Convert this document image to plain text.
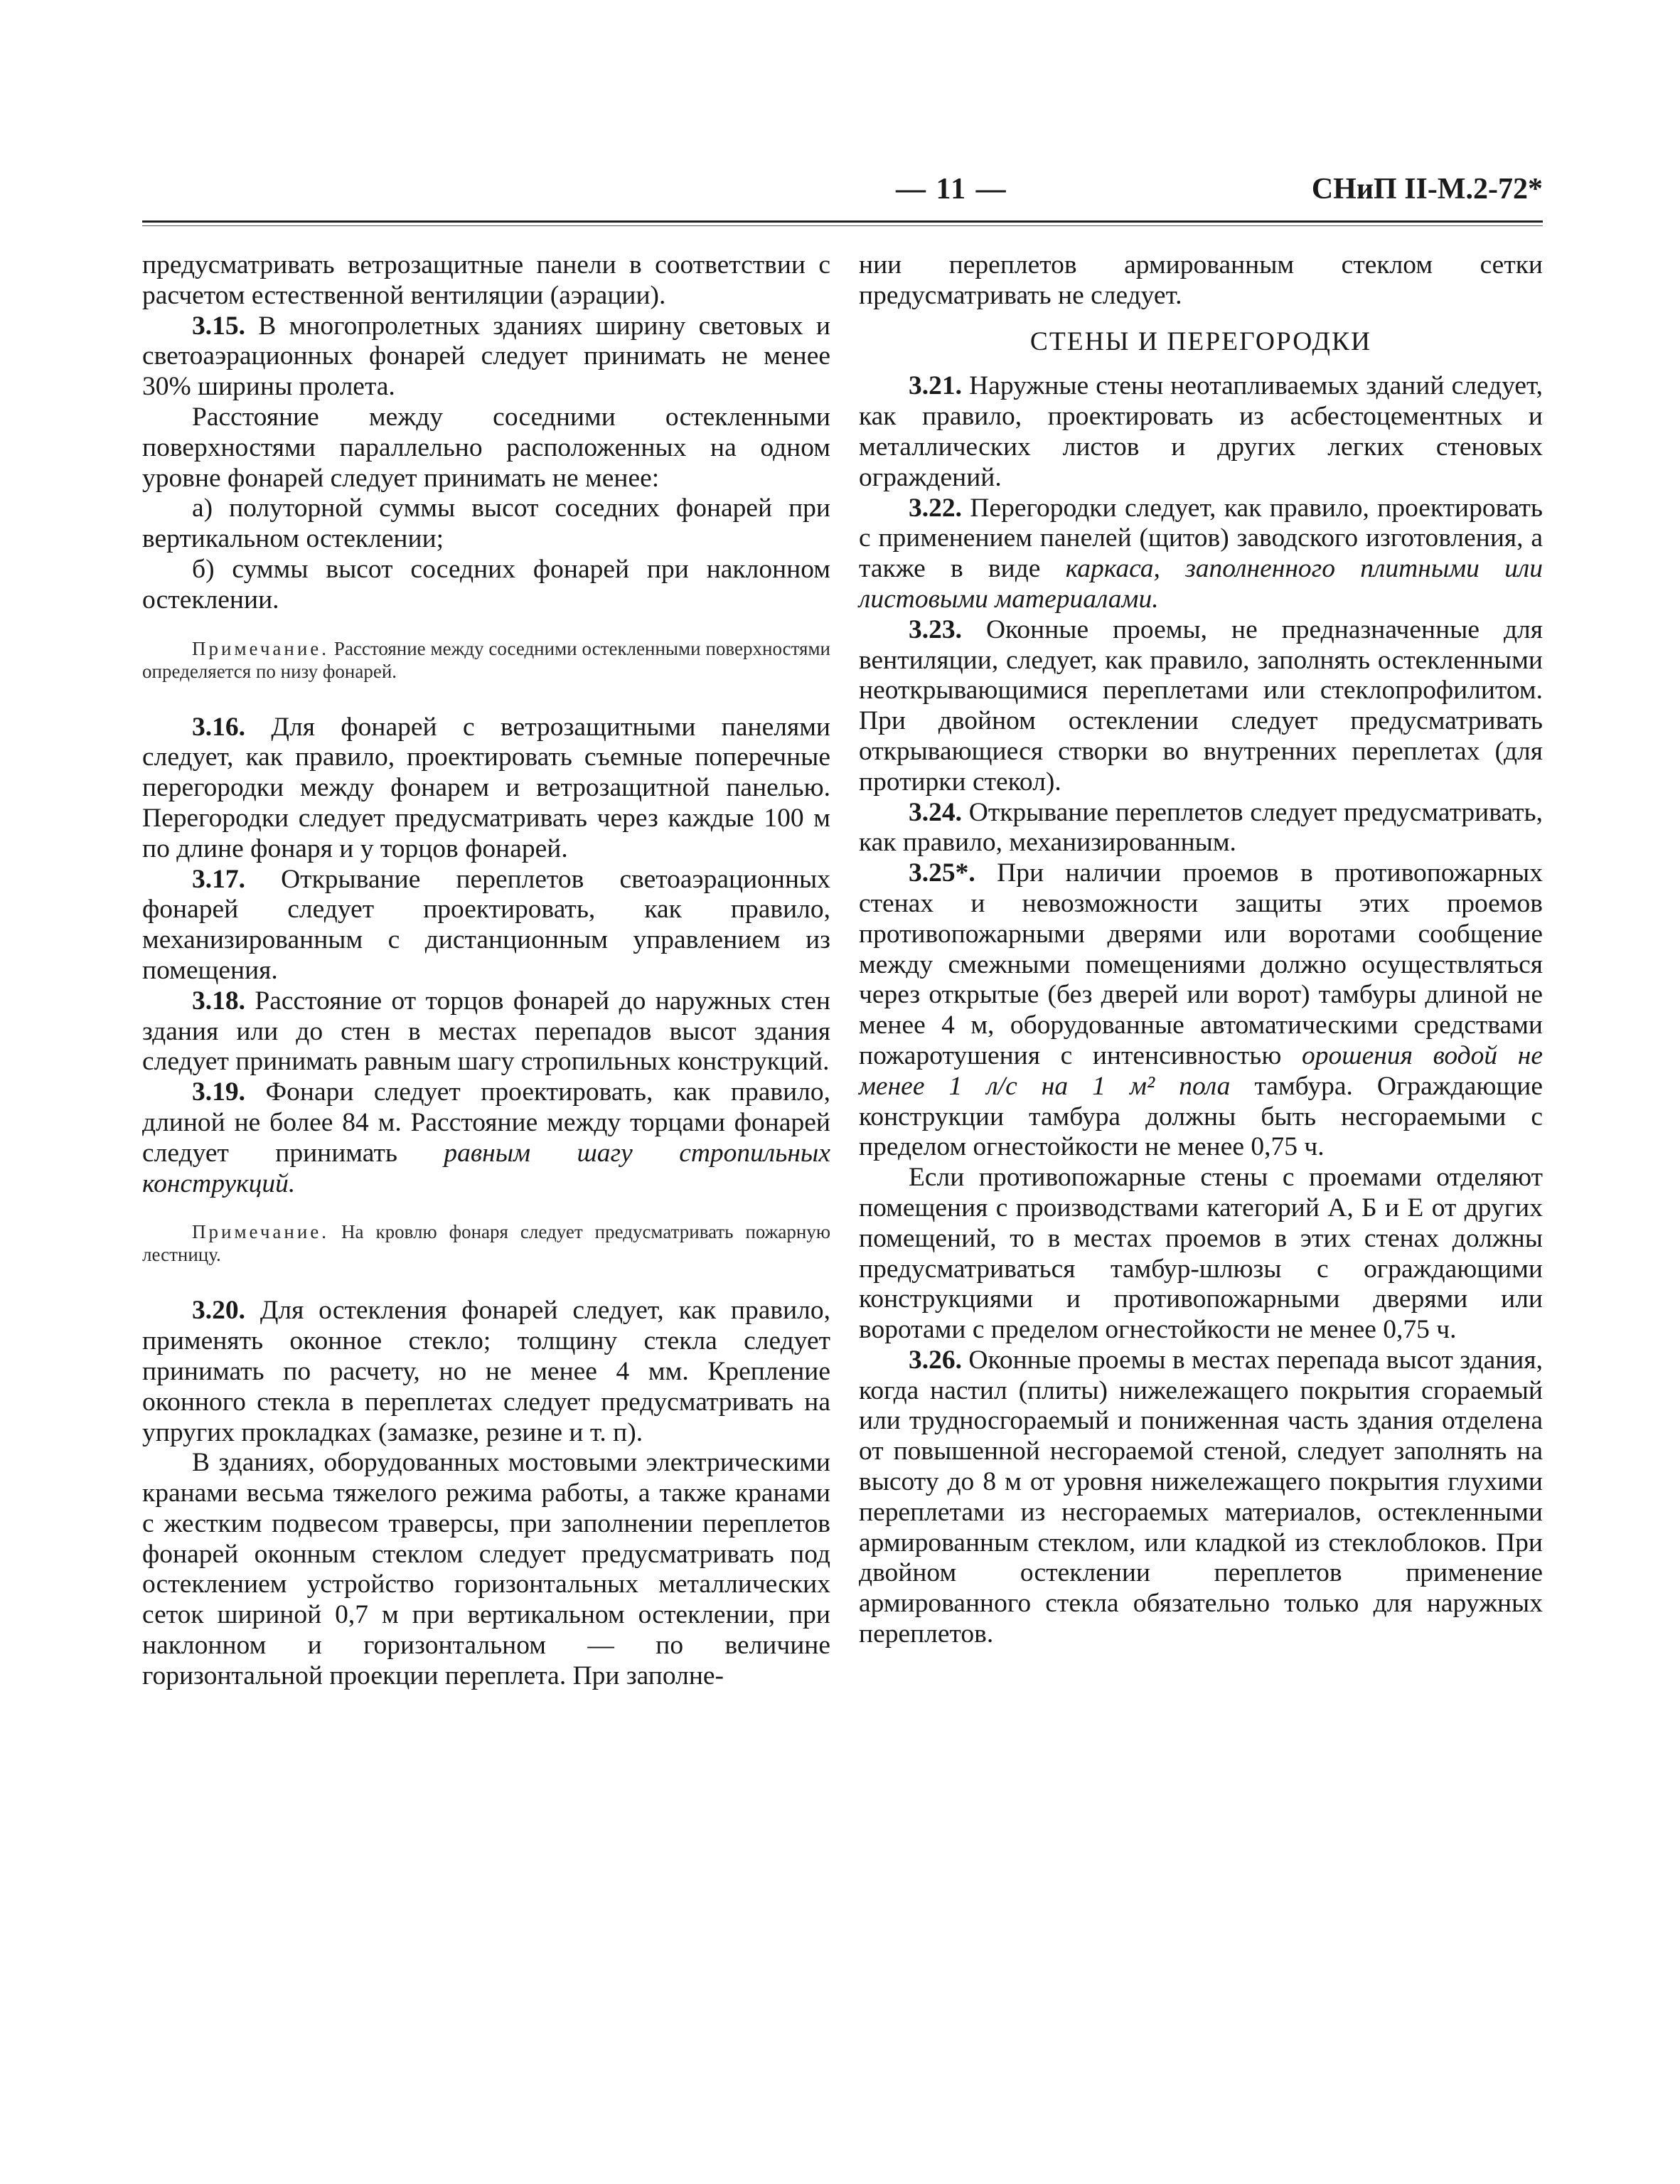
— 11 —	СНиП II-М.2-72*

предусматривать ветрозащитные панели в соответствии с расчетом естественной вентиляции (аэрации).

3.15. В многопролетных зданиях ширину световых и светоаэрационных фонарей следует принимать не менее 30% ширины пролета.

Расстояние между соседними остекленными поверхностями параллельно расположенных на одном уровне фонарей следует принимать не менее:

а) полуторной суммы высот соседних фонарей при вертикальном остеклении;

б) суммы высот соседних фонарей при наклонном остеклении.

Примечание. Расстояние между соседними остекленными поверхностями определяется по низу фонарей.

3.16. Для фонарей с ветрозащитными панелями следует, как правило, проектировать съемные поперечные перегородки между фонарем и ветрозащитной панелью. Перегородки следует предусматривать через каждые 100 м по длине фонаря и у торцов фонарей.

3.17. Открывание переплетов светоаэрационных фонарей следует проектировать, как правило, механизированным с дистанционным управлением из помещения.

3.18. Расстояние от торцов фонарей до наружных стен здания или до стен в местах перепадов высот здания следует принимать равным шагу стропильных конструкций.

3.19. Фонари следует проектировать, как правило, длиной не более 84 м. Расстояние между торцами фонарей следует принимать равным шагу стропильных конструкций.

Примечание. На кровлю фонаря следует предусматривать пожарную лестницу.

3.20. Для остекления фонарей следует, как правило, применять оконное стекло; толщину стекла следует принимать по расчету, но не менее 4 мм. Крепление оконного стекла в переплетах следует предусматривать на упругих прокладках (замазке, резине и т. п).

В зданиях, оборудованных мостовыми электрическими кранами весьма тяжелого режима работы, а также кранами с жестким подвесом траверсы, при заполнении переплетов фонарей оконным стеклом следует предусматривать под остеклением устройство горизонтальных металлических сеток шириной 0,7 м при вертикальном остеклении, при наклонном и горизонтальном — по величине горизонтальной проекции переплета. При заполне-

нии переплетов армированным стеклом сетки предусматривать не следует.

СТЕНЫ И ПЕРЕГОРОДКИ

3.21. Наружные стены неотапливаемых зданий следует, как правило, проектировать из асбестоцементных и металлических листов и других легких стеновых ограждений.

3.22. Перегородки следует, как правило, проектировать с применением панелей (щитов) заводского изготовления, а также в виде каркаса, заполненного плитными или листовыми материалами.

3.23. Оконные проемы, не предназначенные для вентиляции, следует, как правило, заполнять остекленными неоткрывающимися переплетами или стеклопрофилитом. При двойном остеклении следует предусматривать открывающиеся створки во внутренних переплетах (для протирки стекол).

3.24. Открывание переплетов следует предусматривать, как правило, механизированным.

3.25*. При наличии проемов в противопожарных стенах и невозможности защиты этих проемов противопожарными дверями или воротами сообщение между смежными помещениями должно осуществляться через открытые (без дверей или ворот) тамбуры длиной не менее 4 м, оборудованные автоматическими средствами пожаротушения с интенсивностью орошения водой не менее 1 л/с на 1 м² пола тамбура. Ограждающие конструкции тамбура должны быть несгораемыми с пределом огнестойкости не менее 0,75 ч.

Если противопожарные стены с проемами отделяют помещения с производствами категорий А, Б и Е от других помещений, то в местах проемов в этих стенах должны предусматриваться тамбур-шлюзы с ограждающими конструкциями и противопожарными дверями или воротами с пределом огнестойкости не менее 0,75 ч.

3.26. Оконные проемы в местах перепада высот здания, когда настил (плиты) нижележащего покрытия сгораемый или трудносгораемый и пониженная часть здания отделена от повышенной несгораемой стеной, следует заполнять на высоту до 8 м от уровня нижележащего покрытия глухими переплетами из несгораемых материалов, остекленными армированным стеклом, или кладкой из стеклоблоков. При двойном остеклении переплетов применение армированного стекла обязательно только для наружных переплетов.
